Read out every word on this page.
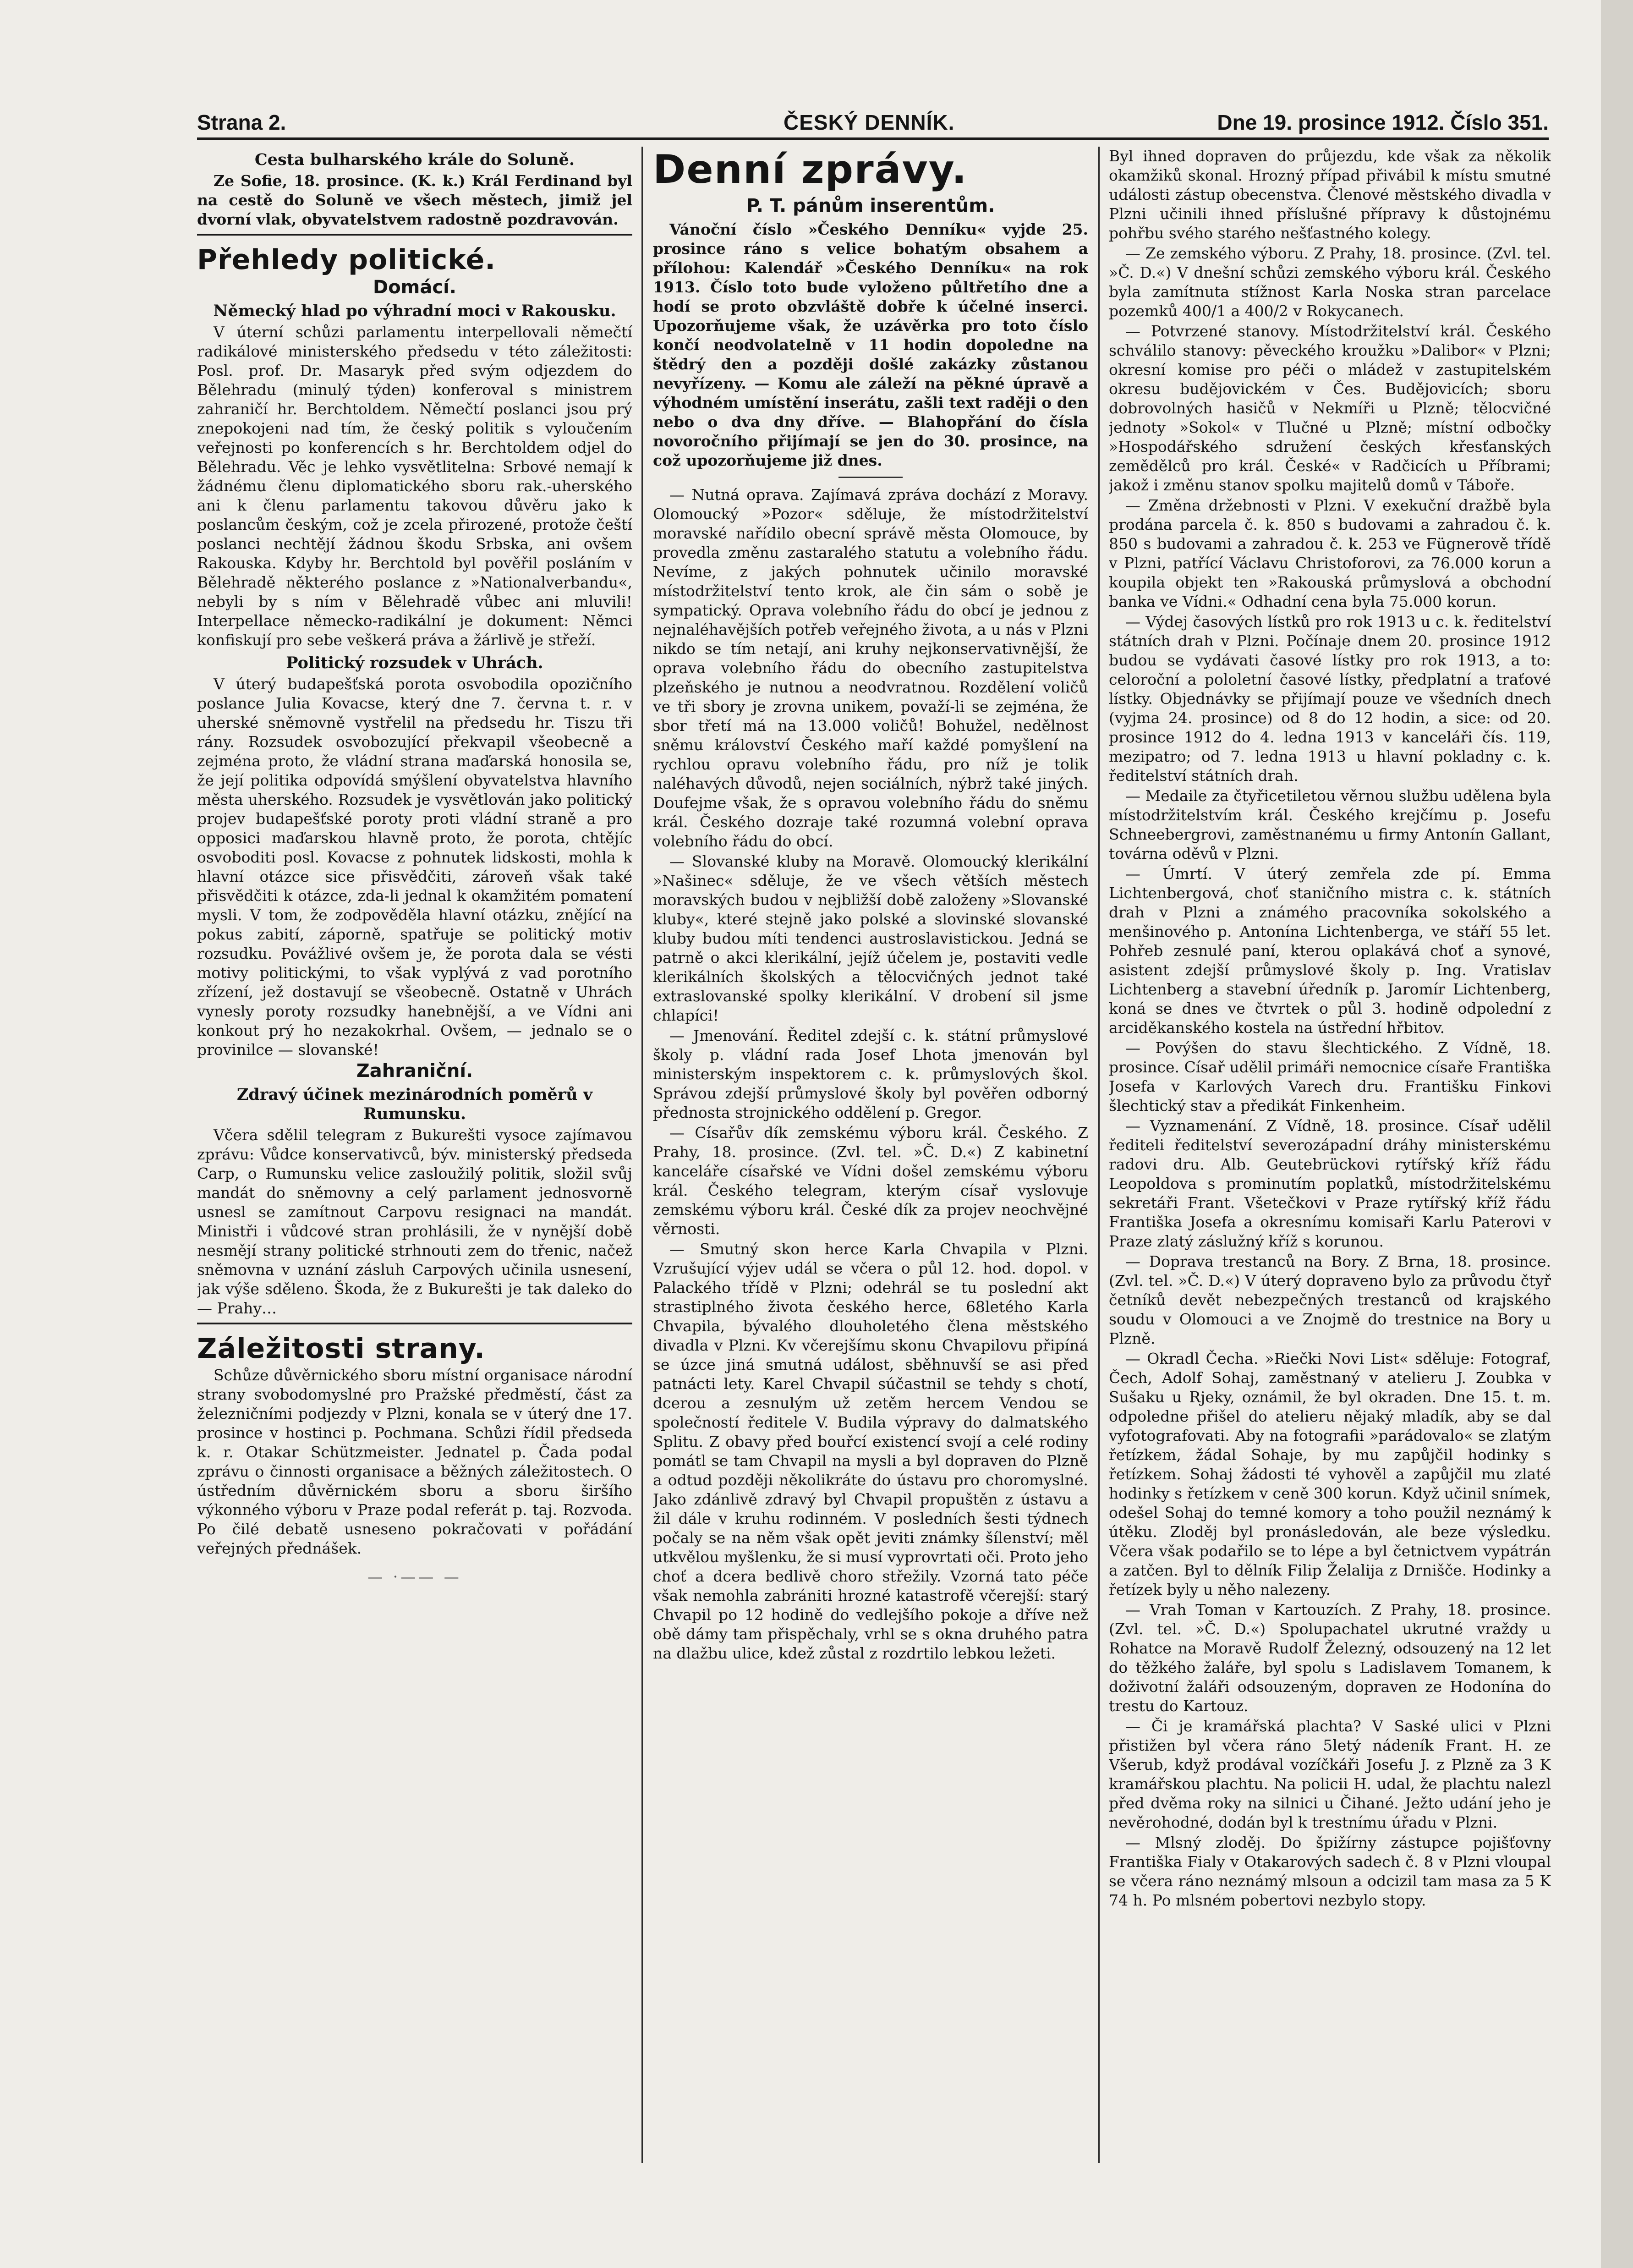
Strana 2.	ČESKÝ DENNÍK.	Dne 19. prosince 1912. Číslo 351.
Cesta bulharského krále do Soluně.

Ze Sofie, 18. prosince. (K. k.) Král Ferdinand byl na cestě do Soluně ve všech městech, jimiž jel dvorní vlak, obyvatelstvem radostně pozdravován.

Přehledy politické.
Domácí.
Německý hlad po výhradní moci v Rakousku.

V úterní schůzi parlamentu interpellovali němečtí radikálové ministerského předsedu v této záležitosti: Posl. prof. Dr. Masaryk před svým odjezdem do Bělehradu (minulý týden) konferoval s ministrem zahraničí hr. Berchtoldem. Němečtí poslanci jsou prý znepokojeni nad tím, že český politik s vyloučením veřejnosti po konferencích s hr. Berchtoldem odjel do Bělehradu. Věc je lehko vysvětlitelna: Srbové nemají k žádnému členu diplomatického sboru rak.-uherského ani k členu parlamentu takovou důvěru jako k poslancům českým, což je zcela přirozené, protože čeští poslanci nechtějí žádnou škodu Srbska, ani ovšem Rakouska. Kdyby hr. Berchtold byl pověřil posláním v Bělehradě některého poslance z »Nationalverbandu«, nebyli by s ním v Bělehradě vůbec ani mluvili! Interpellace německo-radikální je dokument: Němci konfiskují pro sebe veškerá práva a žárlivě je střeží.

Politický rozsudek v Uhrách.

V úterý budapešťská porota osvobodila opozičního poslance Julia Kovacse, který dne 7. června t. r. v uherské sněmovně vystřelil na předsedu hr. Tiszu tři rány. Rozsudek osvobozující překvapil všeobecně a zejména proto, že vládní strana maďarská honosila se, že její politika odpovídá smýšlení obyvatelstva hlavního města uherského. Rozsudek je vysvětlován jako politický projev budapešťské poroty proti vládní straně a pro opposici maďarskou hlavně proto, že porota, chtějíc osvoboditi posl. Kovacse z pohnutek lidskosti, mohla k hlavní otázce sice přisvědčiti, zároveň však také přisvědčiti k otázce, zda-li jednal k okamžitém pomatení mysli. V tom, že zodpověděla hlavní otázku, znějící na pokus zabití, záporně, spatřuje se politický motiv rozsudku. Povážlivé ovšem je, že porota dala se vésti motivy politickými, to však vyplývá z vad porotního zřízení, jež dostavují se všeobecně. Ostatně v Uhrách vynesly poroty rozsudky hanebnější, a ve Vídni ani konkout prý ho nezakokrhal. Ovšem, — jednalo se o provinilce — slovanské!

Zahraniční.
Zdravý účinek mezinárodních poměrů v Rumunsku.

Včera sdělil telegram z Bukurešti vysoce zajímavou zprávu: Vůdce konservativců, býv. ministerský předseda Carp, o Rumunsku velice zasloužilý politik, složil svůj mandát do sněmovny a celý parlament jednosvorně usnesl se zamítnout Carpovu resignaci na mandát. Ministři i vůdcové stran prohlásili, že v nynější době nesmějí strany politické strhnouti zem do třenic, načež sněmovna v uznání zásluh Carpových učinila usnesení, jak výše sděleno. Škoda, že z Bukurešti je tak daleko do — Prahy…

Záležitosti strany.

Schůze důvěrnického sboru místní organisace národní strany svobodomyslné pro Pražské předměstí, část za železničními podjezdy v Plzni, konala se v úterý dne 17. prosince v hostinci p. Pochmana. Schůzi řídil předseda k. r. Otakar Schützmeister. Jednatel p. Čada podal zprávu o činnosti organisace a běžných záležitostech. O ústředním důvěrnickém sboru a sboru širšího výkonného výboru v Praze podal referát p. taj. Rozvoda. Po čilé debatě usneseno pokračovati v pořádání veřejných přednášek.

— ·—— —
Denní zprávy.
P. T. pánům inserentům.

Vánoční číslo »Českého Denníku« vyjde 25. prosince ráno s velice bohatým obsahem a přílohou: Kalendář »Českého Denníku« na rok 1913. Číslo toto bude vyloženo půltřetího dne a hodí se proto obzvláště dobře k účelné inserci. Upozorňujeme však, že uzávěrka pro toto číslo končí neodvolatelně v 11 hodin dopoledne na štědrý den a později došlé zakázky zůstanou nevyřízeny. — Komu ale záleží na pěkné úpravě a výhodném umístění inserátu, zašli text raději o den nebo o dva dny dříve. — Blahopřání do čísla novoročního přijímají se jen do 30. prosince, na což upozorňujeme již dnes.

— Nutná oprava. Zajímavá zpráva dochází z Moravy. Olomoucký »Pozor« sděluje, že místodržitelství moravské nařídilo obecní správě města Olomouce, by provedla změnu zastaralého statutu a volebního řádu. Nevíme, z jakých pohnutek učinilo moravské místodržitelství tento krok, ale čin sám o sobě je sympatický. Oprava volebního řádu do obcí je jednou z nejnaléhavějších potřeb veřejného života, a u nás v Plzni nikdo se tím netají, ani kruhy nejkonservativnější, že oprava volebního řádu do obecního zastupitelstva plzeňského je nutnou a neodvratnou. Rozdělení voličů ve tři sbory je zrovna unikem, považí-li se zejména, že sbor třetí má na 13.000 voličů! Bohužel, nedělnost sněmu království Českého maří každé pomyšlení na rychlou opravu volebního řádu, pro níž je tolik naléhavých důvodů, nejen sociálních, nýbrž také jiných. Doufejme však, že s opravou volebního řádu do sněmu král. Českého dozraje také rozumná volební oprava volebního řádu do obcí.

— Slovanské kluby na Moravě. Olomoucký klerikální »Našinec« sděluje, že ve všech větších městech moravských budou v nejbližší době založeny »Slovanské kluby«, které stejně jako polské a slovinské slovanské kluby budou míti tendenci austroslavistickou. Jedná se patrně o akci klerikální, jejíž účelem je, postaviti vedle klerikálních školských a tělocvičných jednot také extraslovanské spolky klerikální. V drobení sil jsme chlapíci!

— Jmenování. Ředitel zdejší c. k. státní průmyslové školy p. vládní rada Josef Lhota jmenován byl ministerským inspektorem c. k. průmyslových škol. Správou zdejší průmyslové školy byl pověřen odborný přednosta strojnického oddělení p. Gregor.

— Císařův dík zemskému výboru král. Českého. Z Prahy, 18. prosince. (Zvl. tel. »Č. D.«) Z kabinetní kanceláře císařské ve Vídni došel zemskému výboru král. Českého telegram, kterým císař vyslovuje zemskému výboru král. České dík za projev neochvějné věrnosti.

— Smutný skon herce Karla Chvapila v Plzni. Vzrušující výjev udál se včera o půl 12. hod. dopol. v Palackého třídě v Plzni; odehrál se tu poslední akt strastiplného života českého herce, 68letého Karla Chvapila, bývalého dlouholetého člena městského divadla v Plzni. Kv včerejšímu skonu Chvapilovu připíná se úzce jiná smutná událost, sběhnuvší se asi před patnácti lety. Karel Chvapil súčastnil se tehdy s chotí, dcerou a zesnulým už zetěm hercem Vendou se společností ředitele V. Budila výpravy do dalmatského Splitu. Z obavy před bouřcí existencí svojí a celé rodiny pomátl se tam Chvapil na mysli a byl dopraven do Plzně a odtud později několikráte do ústavu pro choromyslné. Jako zdánlivě zdravý byl Chvapil propuštěn z ústavu a žil dále v kruhu rodinném. V posledních šesti týdnech počaly se na něm však opět jeviti známky šílenství; měl utkvělou myšlenku, že si musí vyprovrtati oči. Proto jeho choť a dcera bedlivě choro střežily. Vzorná tato péče však nemohla zabrániti hrozné katastrofě včerejší: starý Chvapil po 12 hodině do vedlejšího pokoje a dříve než obě dámy tam přispěchaly, vrhl se s okna druhého patra na dlažbu ulice, kdež zůstal z rozdrtilo lebkou ležeti.

Byl ihned dopraven do průjezdu, kde však za několik okamžiků skonal. Hrozný případ přivábil k místu smutné události zástup obecenstva. Členové městského divadla v Plzni učinili ihned příslušné přípravy k důstojnému pohřbu svého starého nešťastného kolegy.

— Ze zemského výboru. Z Prahy, 18. prosince. (Zvl. tel. »Č. D.«) V dnešní schůzi zemského výboru král. Českého byla zamítnuta stížnost Karla Noska stran parcelace pozemků 400/1 a 400/2 v Rokycanech.

— Potvrzené stanovy. Místodržitelství král. Českého schválilo stanovy: pěveckého kroužku »Dalibor« v Plzni; okresní komise pro péči o mládež v zastupitelském okresu budějovickém v Čes. Budějovicích; sboru dobrovolných hasičů v Nekmíři u Plzně; tělocvičné jednoty »Sokol« v Tlučné u Plzně; místní odbočky »Hospodářského sdružení českých křesťanských zemědělců pro král. České« v Radčicích u Příbrami; jakož i změnu stanov spolku majitelů domů v Táboře.

— Změna držebnosti v Plzni. V exekuční dražbě byla prodána parcela č. k. 850 s budovami a zahradou č. k. 850 s budovami a zahradou č. k. 253 ve Fügnerově třídě v Plzni, patřící Václavu Christoforovi, za 76.000 korun a koupila objekt ten »Rakouská průmyslová a obchodní banka ve Vídni.« Odhadní cena byla 75.000 korun.

— Výdej časových lístků pro rok 1913 u c. k. ředitelství státních drah v Plzni. Počínaje dnem 20. prosince 1912 budou se vydávati časové lístky pro rok 1913, a to: celoroční a pololetní časové lístky, předplatní a traťové lístky. Objednávky se přijímají pouze ve všedních dnech (vyjma 24. prosince) od 8 do 12 hodin, a sice: od 20. prosince 1912 do 4. ledna 1913 v kanceláři čís. 119, mezipatro; od 7. ledna 1913 u hlavní pokladny c. k. ředitelství státních drah.

— Medaile za čtyřicetiletou věrnou službu udělena byla místodržitelstvím král. Českého krejčímu p. Josefu Schneebergrovi, zaměstnanému u firmy Antonín Gallant, továrna oděvů v Plzni.

— Úmrtí. V úterý zemřela zde pí. Emma Lichtenbergová, choť staničního mistra c. k. státních drah v Plzni a známého pracovníka sokolského a menšinového p. Antonína Lichtenberga, ve stáří 55 let. Pohřeb zesnulé paní, kterou oplakává choť a synové, asistent zdejší průmyslové školy p. Ing. Vratislav Lichtenberg a stavební úředník p. Jaromír Lichtenberg, koná se dnes ve čtvrtek o půl 3. hodině odpolední z arciděkanského kostela na ústřední hřbitov.

— Povýšen do stavu šlechtického. Z Vídně, 18. prosince. Císař udělil primáři nemocnice císaře Františka Josefa v Karlových Varech dru. Františku Finkovi šlechtický stav a předikát Finkenheim.

— Vyznamenání. Z Vídně, 18. prosince. Císař udělil řediteli ředitelství severozápadní dráhy ministerskému radovi dru. Alb. Geutebrückovi rytířský kříž řádu Leopoldova s prominutím poplatků, místodržitelskému sekretáři Frant. Všetečkovi v Praze rytířský kříž řádu Františka Josefa a okresnímu komisaři Karlu Paterovi v Praze zlatý záslužný kříž s korunou.

— Doprava trestanců na Bory. Z Brna, 18. prosince. (Zvl. tel. »Č. D.«) V úterý dopraveno bylo za průvodu čtyř četníků devět nebezpečných trestanců od krajského soudu v Olomouci a ve Znojmě do trestnice na Bory u Plzně.

— Okradl Čecha. »Riečki Novi List« sděluje: Fotograf, Čech, Adolf Sohaj, zaměstnaný v atelieru J. Zoubka v Sušaku u Rjeky, oznámil, že byl okraden. Dne 15. t. m. odpoledne přišel do atelieru nějaký mladík, aby se dal vyfotografovati. Aby na fotografii »parádovalo« se zlatým řetízkem, žádal Sohaje, by mu zapůjčil hodinky s řetízkem. Sohaj žádosti té vyhověl a zapůjčil mu zlaté hodinky s řetízkem v ceně 300 korun. Když učinil snímek, odešel Sohaj do temné komory a toho použil neznámý k útěku. Zloděj byl pronásledován, ale beze výsledku. Včera však podařilo se to lépe a byl četnictvem vypátrán a zatčen. Byl to dělník Filip Želalija z Drnišče. Hodinky a řetízek byly u něho nalezeny.

— Vrah Toman v Kartouzích. Z Prahy, 18. prosince. (Zvl. tel. »Č. D.«) Spolupachatel ukrutné vraždy u Rohatce na Moravě Rudolf Železný, odsouzený na 12 let do těžkého žaláře, byl spolu s Ladislavem Tomanem, k doživotní žaláři odsouzeným, dopraven ze Hodonína do trestu do Kartouz.

— Či je kramářská plachta? V Saské ulici v Plzni přistižen byl včera ráno 5letý nádeník Frant. H. ze Všerub, když prodával vozíčkáři Josefu J. z Plzně za 3 K kramářskou plachtu. Na policii H. udal, že plachtu nalezl před dvěma roky na silnici u Čihané. Ježto udání jeho je nevěrohodné, dodán byl k trestnímu úřadu v Plzni.

— Mlsný zloděj. Do špižírny zástupce pojišťovny Františka Fialy v Otakarových sadech č. 8 v Plzni vloupal se včera ráno neznámý mlsoun a odcizil tam masa za 5 K 74 h. Po mlsném pobertovi nezbylo stopy.
